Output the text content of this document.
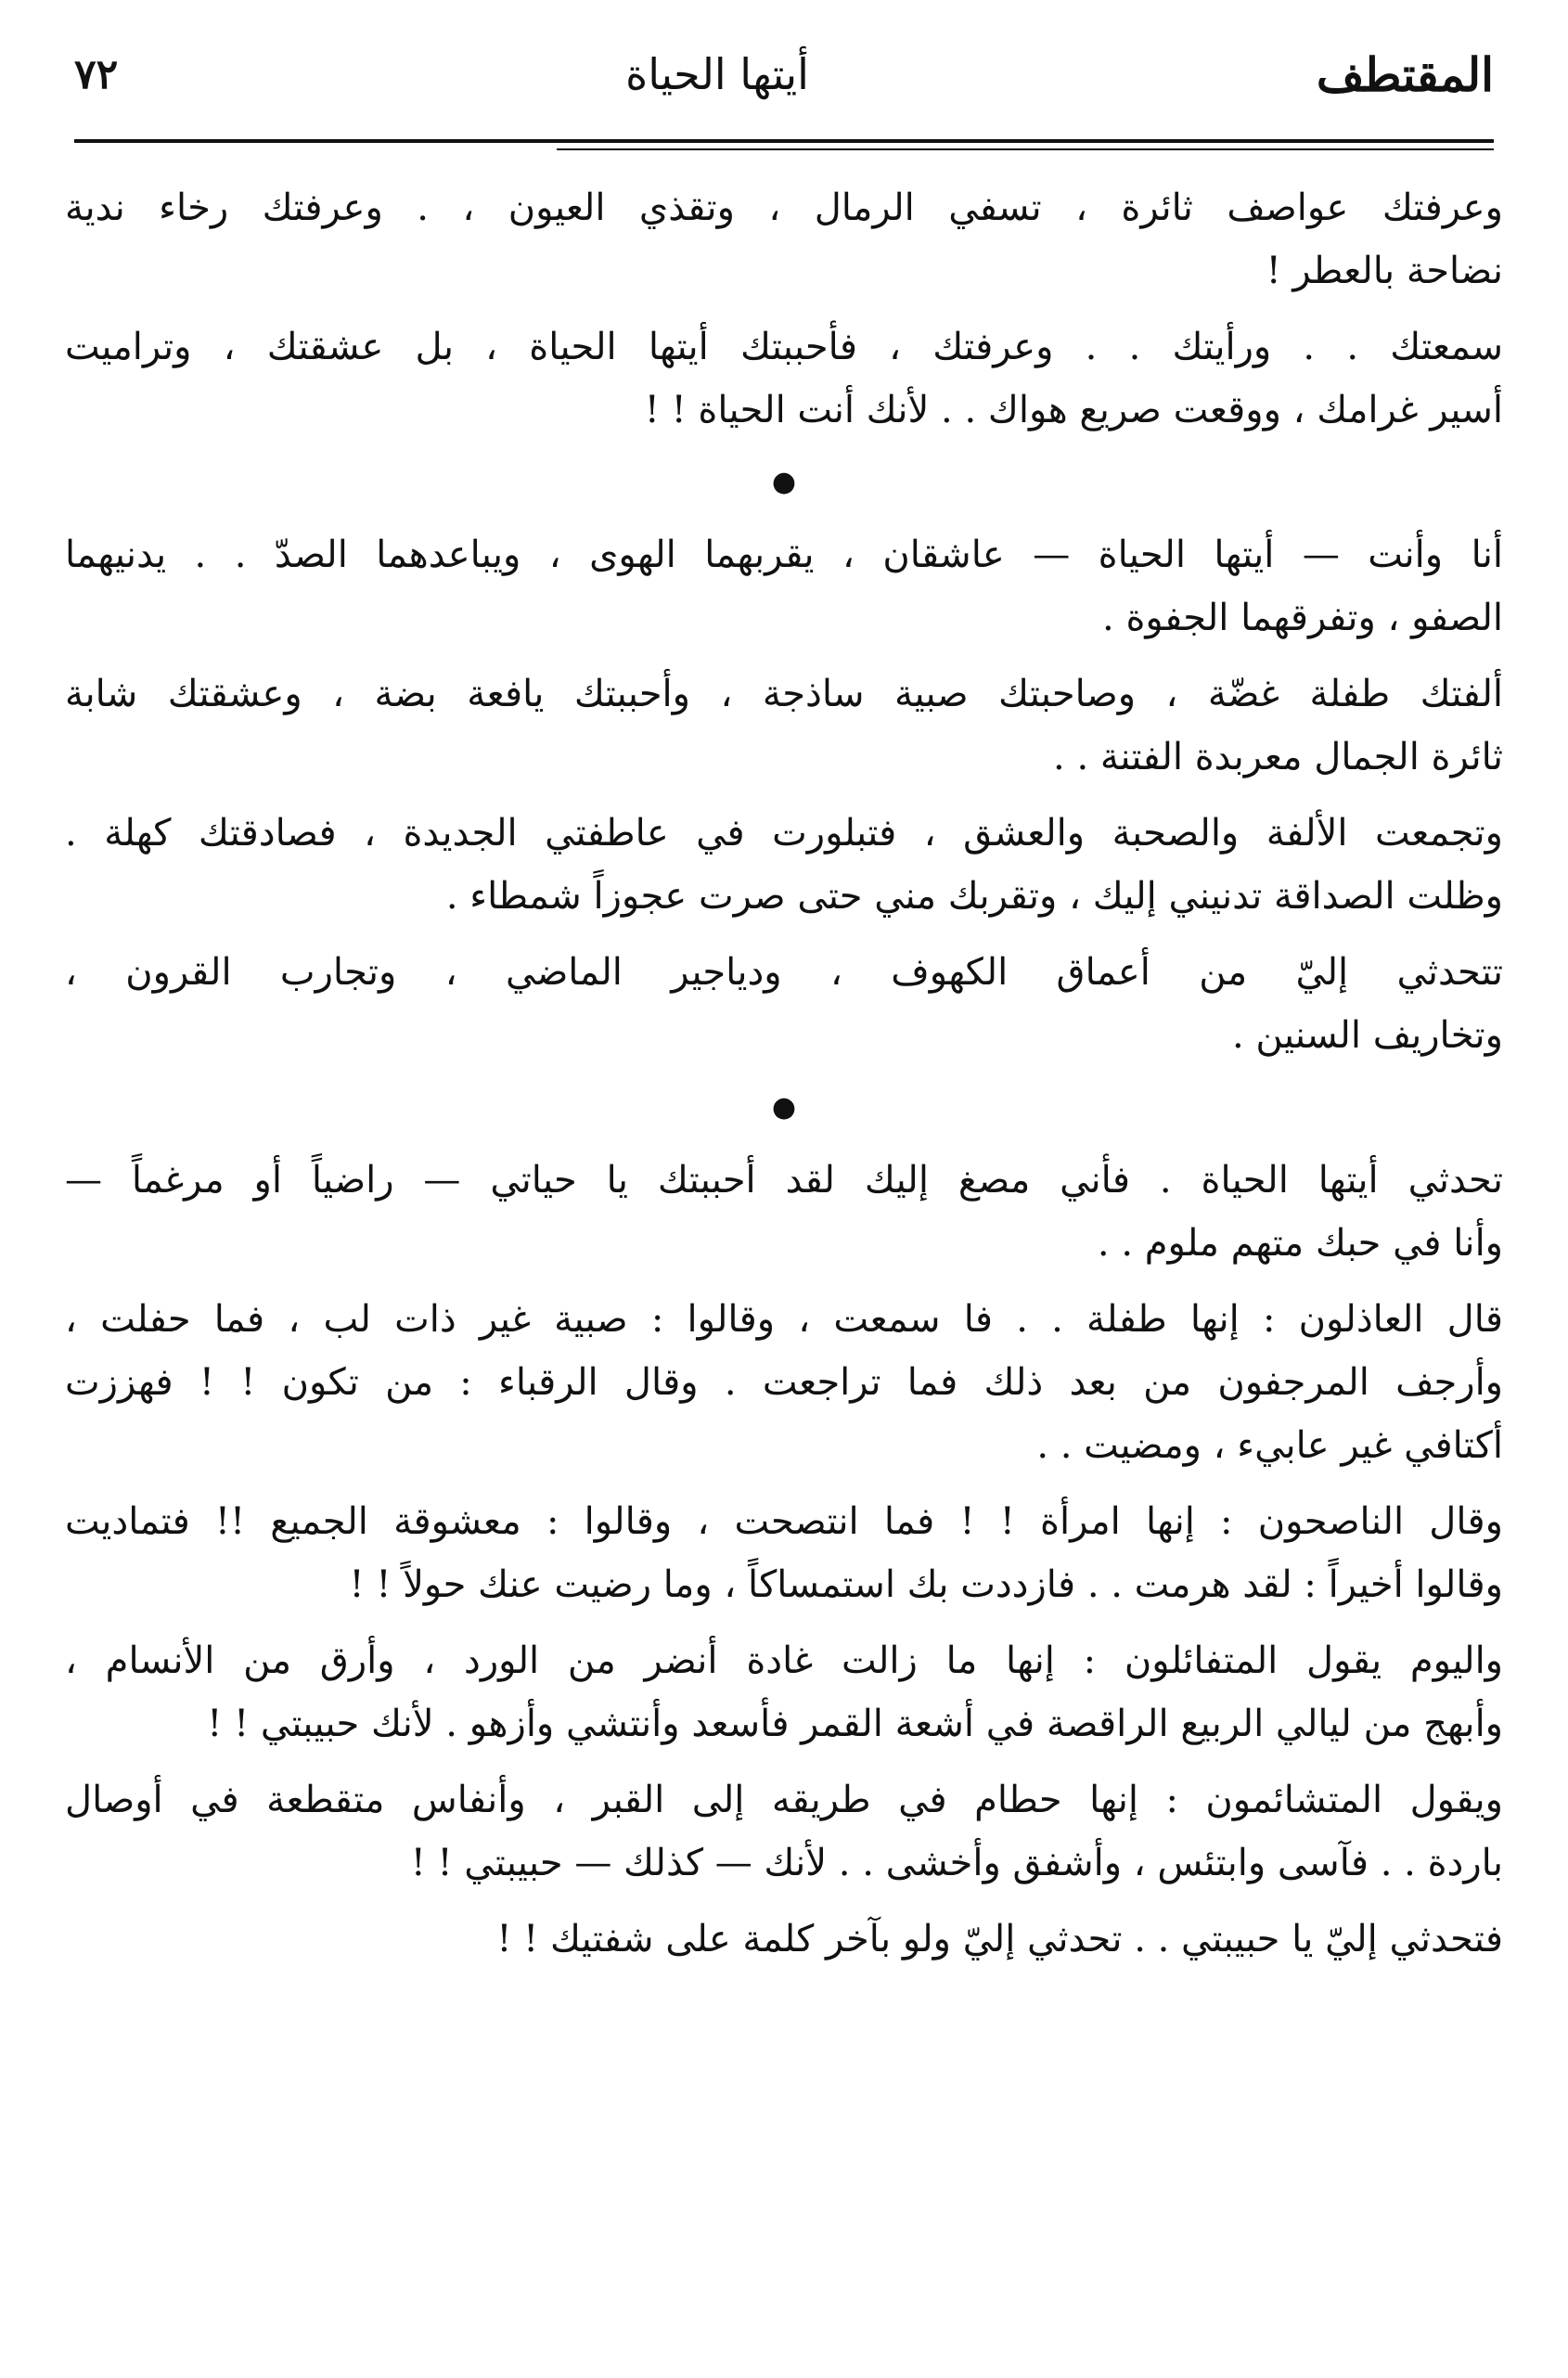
المقتطف
أيتها الحياة
٧٢
وعرفتك عواصف ثائرة ، تسفي الرمال ، وتقذي العيون ، . وعرفتك رخاء ندية
نضاحة بالعطر !
سمعتك . . ورأيتك . . وعرفتك ، فأحببتك أيتها الحياة ، بل عشقتك ، وتراميت
أسير غرامك ، ووقعت صريع هواك . . لأنك أنت الحياة ! !
●
أنا وأنت — أيتها الحياة — عاشقان ، يقربهما الهوى ، ويباعدهما الصدّ . . يدنيهما
الصفو ، وتفرقهما الجفوة .
ألفتك طفلة غضّة ، وصاحبتك صبية ساذجة ، وأحببتك يافعة بضة ، وعشقتك شابة
ثائرة الجمال معربدة الفتنة . .
وتجمعت الألفة والصحبة والعشق ، فتبلورت في عاطفتي الجديدة ، فصادقتك كهلة .
وظلت الصداقة تدنيني إليك ، وتقربك مني حتى صرت عجوزاً شمطاء .
تتحدثي إليّ من أعماق الكهوف ، ودياجير الماضي ، وتجارب القرون ،
وتخاريف السنين .
●
تحدثي أيتها الحياة . فأني مصغ إليك لقد أحببتك يا حياتي — راضياً أو مرغماً —
وأنا في حبك متهم ملوم . .
قال العاذلون : إنها طفلة . . فا سمعت ، وقالوا : صبية غير ذات لب ، فما حفلت ،
وأرجف المرجفون من بعد ذلك فما تراجعت . وقال الرقباء : من تكون ! ! فهززت
أكتافي غير عابيء ، ومضيت . .
وقال الناصحون : إنها امرأة ! ! فما انتصحت ، وقالوا : معشوقة الجميع !! فتماديت
وقالوا أخيراً : لقد هرمت . . فازددت بك استمساكاً ، وما رضيت عنك حولاً ! !
واليوم يقول المتفائلون : إنها ما زالت غادة أنضر من الورد ، وأرق من الأنسام ،
وأبهج من ليالي الربيع الراقصة في أشعة القمر فأسعد وأنتشي وأزهو . لأنك حبيبتي ! !
ويقول المتشائمون : إنها حطام في طريقه إلى القبر ، وأنفاس متقطعة في أوصال
باردة . . فآسى وابتئس ، وأشفق وأخشى . . لأنك — كذلك — حبيبتي ! !
فتحدثي إليّ يا حبيبتي . . تحدثي إليّ ولو بآخر كلمة على شفتيك ! !
